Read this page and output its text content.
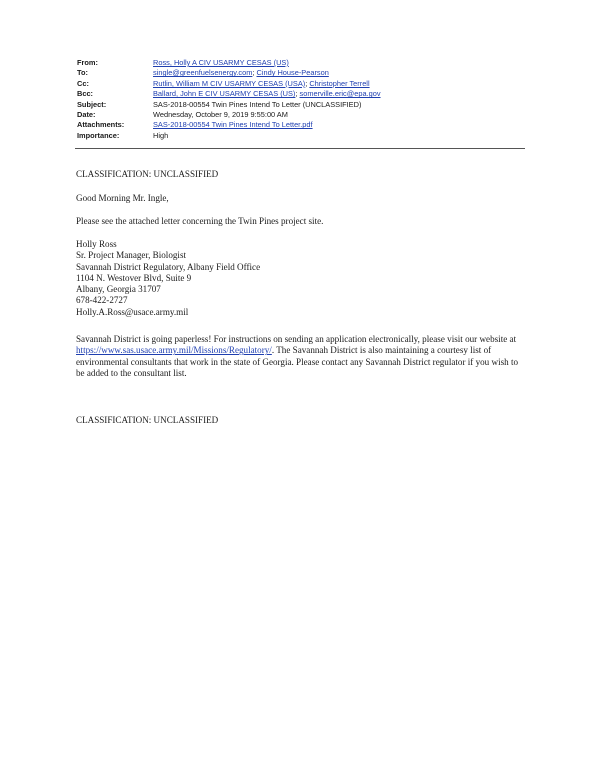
From:	Ross, Holly A CIV USARMY CESAS (US)
To:	single@greenfuelsenergy.com; Cindy House-Pearson
Cc:	Rutlin, William M CIV USARMY CESAS (USA); Christopher Terrell
Bcc:	Ballard, John E CIV USARMY CESAS (US); somerville.eric@epa.gov
Subject:	SAS-2018-00554 Twin Pines Intend To Letter (UNCLASSIFIED)
Date:	Wednesday, October 9, 2019 9:55:00 AM
Attachments:	SAS-2018-00554 Twin Pines Intend To Letter.pdf
Importance:	High
CLASSIFICATION: UNCLASSIFIED
Good Morning Mr. Ingle,
Please see the attached letter concerning the Twin Pines project site.
Holly Ross
Sr. Project Manager, Biologist
Savannah District Regulatory, Albany Field Office
1104 N. Westover Blvd, Suite 9
Albany, Georgia 31707
678-422-2727
Holly.A.Ross@usace.army.mil
Savannah District is going paperless! For instructions on sending an application electronically, please visit our website at https://www.sas.usace.army.mil/Missions/Regulatory/. The Savannah District is also maintaining a courtesy list of environmental consultants that work in the state of Georgia. Please contact any Savannah District regulator if you wish to be added to the consultant list.
CLASSIFICATION: UNCLASSIFIED
